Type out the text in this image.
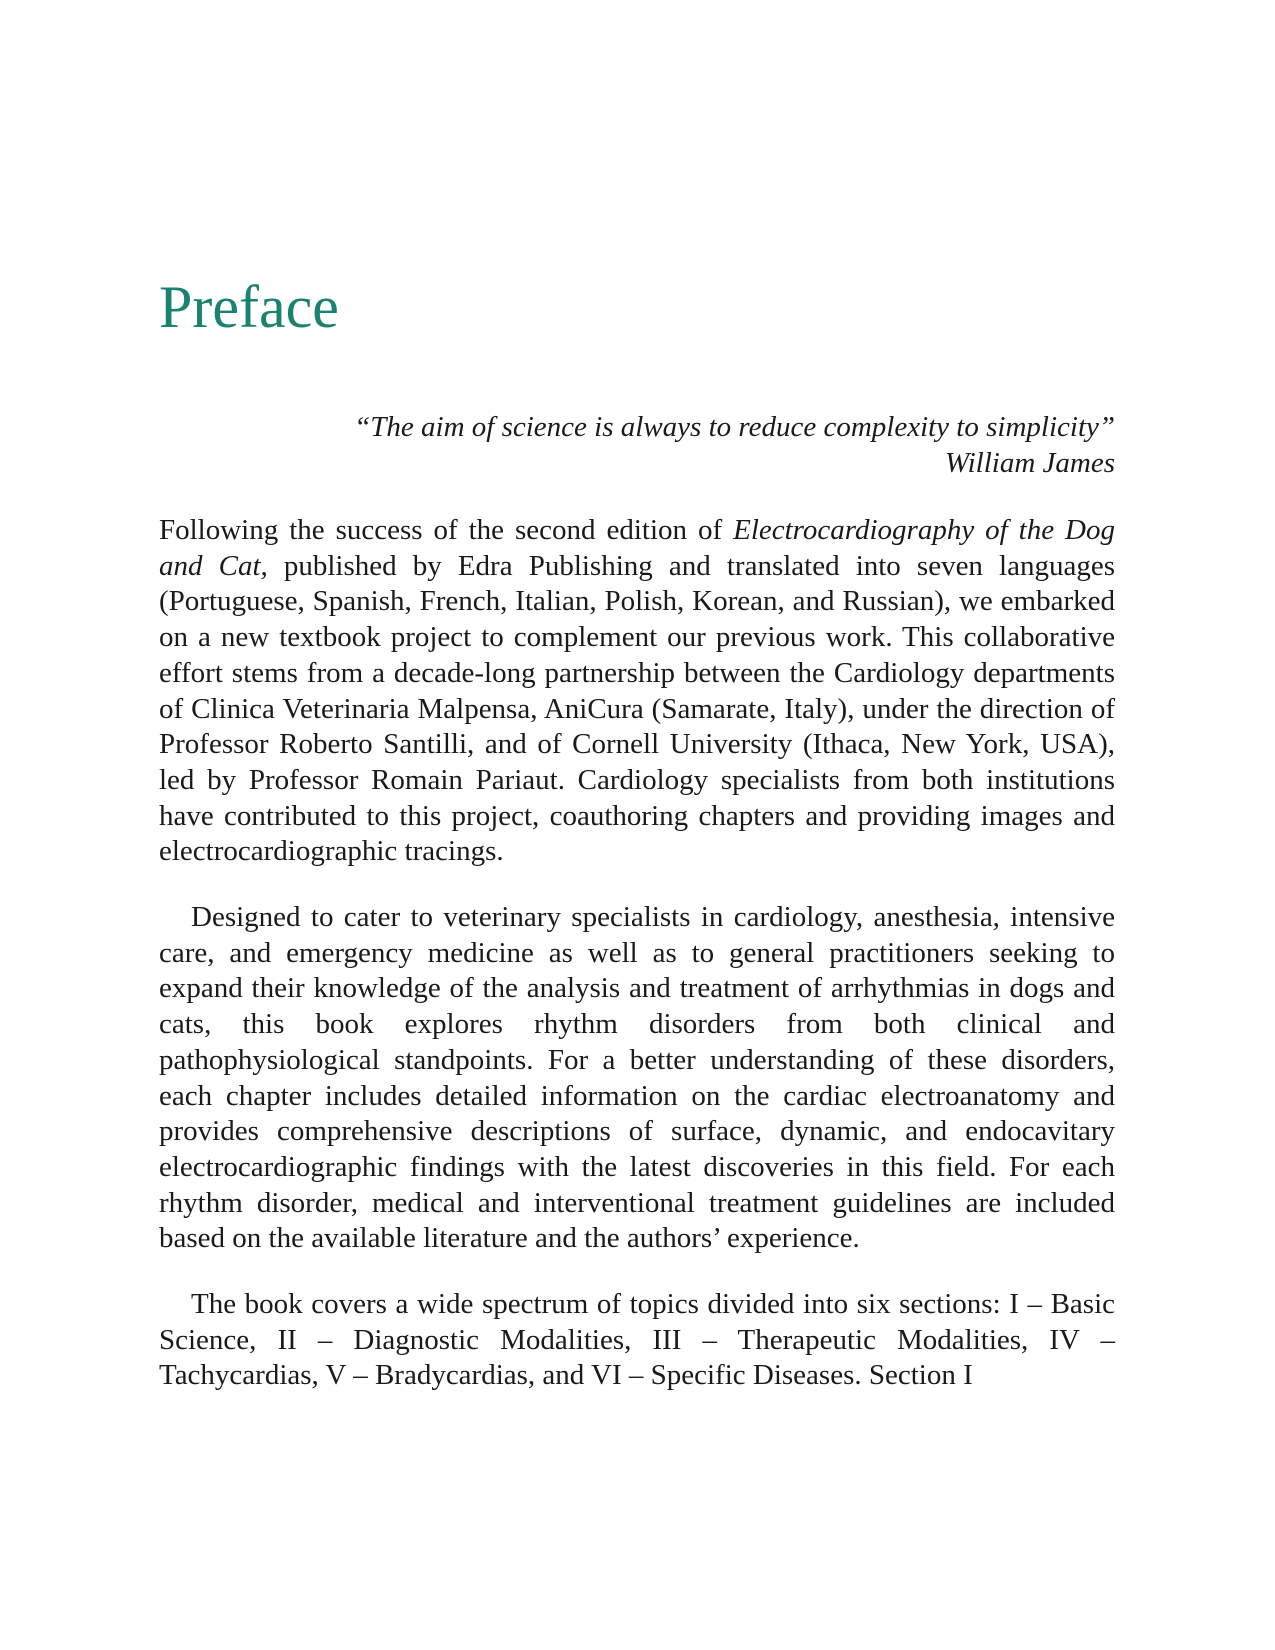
Preface
“The aim of science is always to reduce complexity to simplicity”
William James

Following the success of the second edition of Electrocardiography of the Dog and Cat, published by Edra Publishing and translated into seven languages (Portuguese, Spanish, French, Italian, Polish, Korean, and Russian), we embarked on a new textbook project to complement our previous work. This collaborative effort stems from a decade-long partnership between the Cardiology departments of Clinica Veterinaria Malpensa, AniCura (Samarate, Italy), under the direction of Professor Roberto Santilli, and of Cornell University (Ithaca, New York, USA), led by Professor Romain Pariaut. Cardiology specialists from both institutions have contributed to this project, coauthoring chapters and providing images and electrocardiographic tracings.

Designed to cater to veterinary specialists in cardiology, anesthesia, intensive care, and emergency medicine as well as to general practitioners seeking to expand their knowledge of the analysis and treatment of arrhythmias in dogs and cats, this book explores rhythm disorders from both clinical and pathophysiological standpoints. For a better understanding of these disorders, each chapter includes detailed information on the cardiac electroanatomy and provides comprehensive descriptions of surface, dynamic, and endocavitary electrocardiographic findings with the latest discoveries in this field. For each rhythm disorder, medical and interventional treatment guidelines are included based on the available literature and the authors’ experience.

The book covers a wide spectrum of topics divided into six sections: I – Basic Science, II – Diagnostic Modalities, III – Therapeutic Modalities, IV – Tachycardias, V – Bradycardias, and VI – Specific Diseases. Section I
